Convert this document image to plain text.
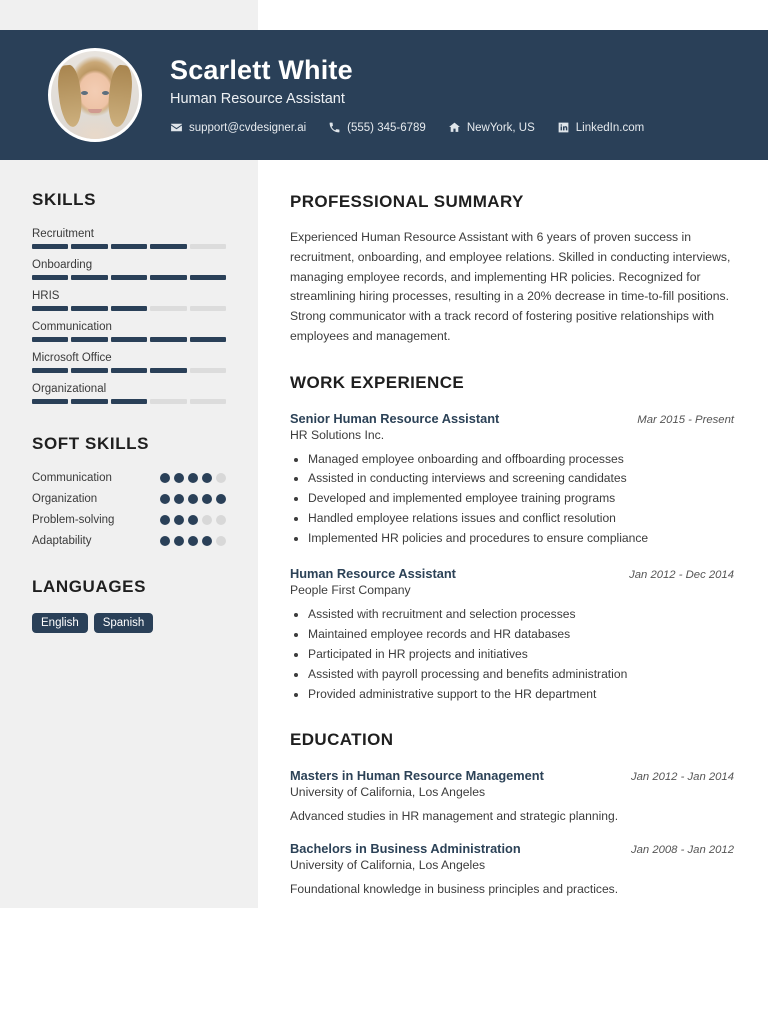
Scarlett White
Human Resource Assistant
support@cvdesigner.ai	(555) 345-6789	NewYork, US	LinkedIn.com
SKILLS
Recruitment
Onboarding
HRIS
Communication
Microsoft Office
Organizational
SOFT SKILLS
Communication
Organization
Problem-solving
Adaptability
LANGUAGES
English	Spanish
PROFESSIONAL SUMMARY
Experienced Human Resource Assistant with 6 years of proven success in recruitment, onboarding, and employee relations. Skilled in conducting interviews, managing employee records, and implementing HR policies. Recognized for streamlining hiring processes, resulting in a 20% decrease in time-to-fill positions. Strong communicator with a track record of fostering positive relationships with employees and management.
WORK EXPERIENCE
Senior Human Resource Assistant	Mar 2015 - Present
HR Solutions Inc.
• Managed employee onboarding and offboarding processes
• Assisted in conducting interviews and screening candidates
• Developed and implemented employee training programs
• Handled employee relations issues and conflict resolution
• Implemented HR policies and procedures to ensure compliance
Human Resource Assistant	Jan 2012 - Dec 2014
People First Company
• Assisted with recruitment and selection processes
• Maintained employee records and HR databases
• Participated in HR projects and initiatives
• Assisted with payroll processing and benefits administration
• Provided administrative support to the HR department
EDUCATION
Masters in Human Resource Management	Jan 2012 - Jan 2014
University of California, Los Angeles
Advanced studies in HR management and strategic planning.
Bachelors in Business Administration	Jan 2008 - Jan 2012
University of California, Los Angeles
Foundational knowledge in business principles and practices.
